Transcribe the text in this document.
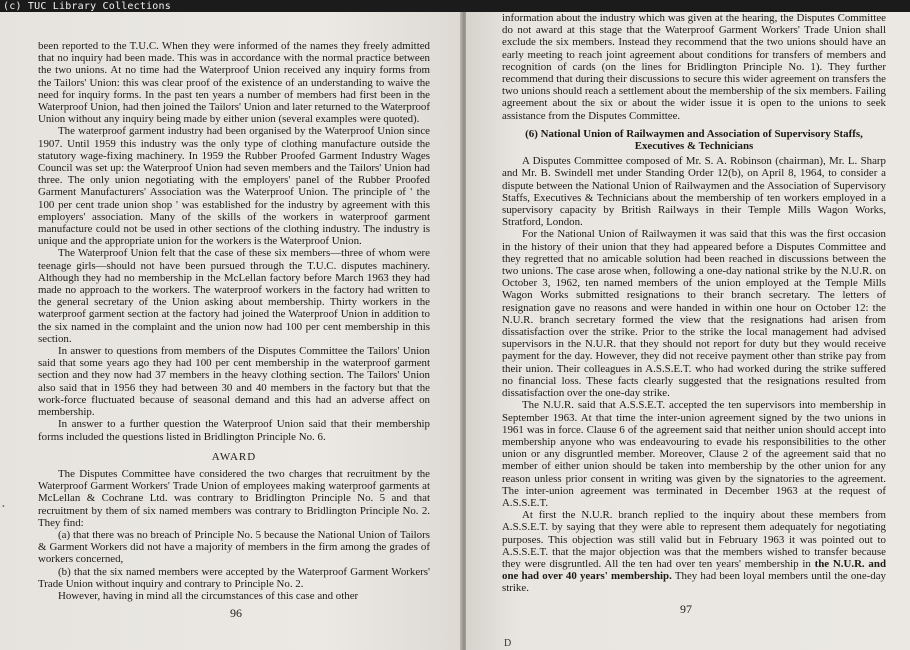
(c) TUC Library Collections

been reported to the T.U.C. When they were informed of the names they freely admitted that no inquiry had been made. This was in accordance with the normal practice between the two unions. At no time had the Waterproof Union received any inquiry forms from the Tailors' Union: this was clear proof of the existence of an understanding to waive the need for inquiry forms. In the past ten years a number of members had first been in the Waterproof Union, had then joined the Tailors' Union and later returned to the Waterproof Union without any inquiry being made by either union (several examples were quoted).

The waterproof garment industry had been organised by the Waterproof Union since 1907. Until 1959 this industry was the only type of clothing manufacture outside the statutory wage-fixing machinery. In 1959 the Rubber Proofed Garment Industry Wages Council was set up: the Waterproof Union had seven members and the Tailors' Union had three. The only union negotiating with the employers' panel of the Rubber Proofed Garment Manufacturers' Association was the Waterproof Union. The principle of ' the 100 per cent trade union shop ' was established for the industry by agreement with this employers' association. Many of the skills of the workers in waterproof garment manufacture could not be used in other sections of the clothing industry. The industry is unique and the appropriate union for the workers is the Waterproof Union.

The Waterproof Union felt that the case of these six members—three of whom were teenage girls—should not have been pursued through the T.U.C. disputes machinery. Although they had no membership in the McLellan factory before March 1963 they had made no approach to the workers. The waterproof workers in the factory had written to the general secretary of the Union asking about membership. Thirty workers in the waterproof garment section at the factory had joined the Waterproof Union in addition to the six named in the complaint and the union now had 100 per cent membership in this section.

In answer to questions from members of the Disputes Committee the Tailors' Union said that some years ago they had 100 per cent membership in the waterproof garment section and they now had 37 members in the heavy clothing section. The Tailors' Union also said that in 1956 they had between 30 and 40 members in the factory but that the work-force fluctuated because of seasonal demand and this had an adverse affect on membership.

In answer to a further question the Waterproof Union said that their membership forms included the questions listed in Bridlington Principle No. 6.

AWARD

The Disputes Committee have considered the two charges that recruitment by the Waterproof Garment Workers' Trade Union of employees making waterproof garments at McLellan & Cochrane Ltd. was contrary to Bridlington Principle No. 5 and that recruitment by them of six named members was contrary to Bridlington Principle No. 2. They find:

(a) that there was no breach of Principle No. 5 because the National Union of Tailors & Garment Workers did not have a majority of members in the firm among the grades of workers concerned,

(b) that the six named members were accepted by the Waterproof Garment Workers' Trade Union without inquiry and contrary to Principle No. 2.

However, having in mind all the circumstances of this case and other

•
96

information about the industry which was given at the hearing, the Disputes Committee do not award at this stage that the Waterproof Garment Workers' Trade Union shall exclude the six members. Instead they recommend that the two unions should have an early meeting to reach joint agreement about conditions for transfers of members and recognition of cards (on the lines for Bridlington Principle No. 1). They further recommend that during their discussions to secure this wider agreement on transfers the two unions should reach a settlement about the membership of the six members. Failing agreement about the six or about the wider issue it is open to the unions to seek assistance from the Disputes Committee.

(6) National Union of Railwaymen and Association of Supervisory Staffs,
Executives & Technicians

A Disputes Committee composed of Mr. S. A. Robinson (chairman), Mr. L. Sharp and Mr. B. Swindell met under Standing Order 12(b), on April 8, 1964, to consider a dispute between the National Union of Railwaymen and the Association of Supervisory Staffs, Executives & Technicians about the membership of ten workers employed in a supervisory capacity by British Railways in their Temple Mills Wagon Works, Stratford, London.

For the National Union of Railwaymen it was said that this was the first occasion in the history of their union that they had appeared before a Disputes Committee and they regretted that no amicable solution had been reached in discussions between the two unions. The case arose when, following a one-day national strike by the N.U.R. on October 3, 1962, ten named members of the union employed at the Temple Mills Wagon Works submitted resignations to their branch secretary. The letters of resignation gave no reasons and were handed in within one hour on October 12: the N.U.R. branch secretary formed the view that the resignations had arisen from dissatisfaction over the strike. Prior to the strike the local management had advised supervisors in the N.U.R. that they should not report for duty but they would receive payment for the day. However, they did not receive payment other than strike pay from their union. Their colleagues in A.S.S.E.T. who had worked during the strike suffered no financial loss. These facts clearly suggested that the resignations resulted from dissatisfaction over the one-day strike.

The N.U.R. said that A.S.S.E.T. accepted the ten supervisors into membership in September 1963. At that time the inter-union agreement signed by the two unions in 1961 was in force. Clause 6 of the agreement said that neither union should accept into membership anyone who was endeavouring to evade his responsibilities to the other union or any disgruntled member. Moreover, Clause 2 of the agreement said that no member of either union should be taken into membership by the other union for any reason unless prior consent in writing was given by the signatories to the agreement. The inter-union agreement was terminated in December 1963 at the request of A.S.S.E.T.

At first the N.U.R. branch replied to the inquiry about these members from A.S.S.E.T. by saying that they were able to represent them adequately for negotiating purposes. This objection was still valid but in February 1963 it was pointed out to A.S.S.E.T. that the major objection was that the members wished to transfer because they were disgruntled. All the ten had over ten years' membership in the N.U.R. and one had over 40 years' membership. They had been loyal members until the one-day strike.

97
D
